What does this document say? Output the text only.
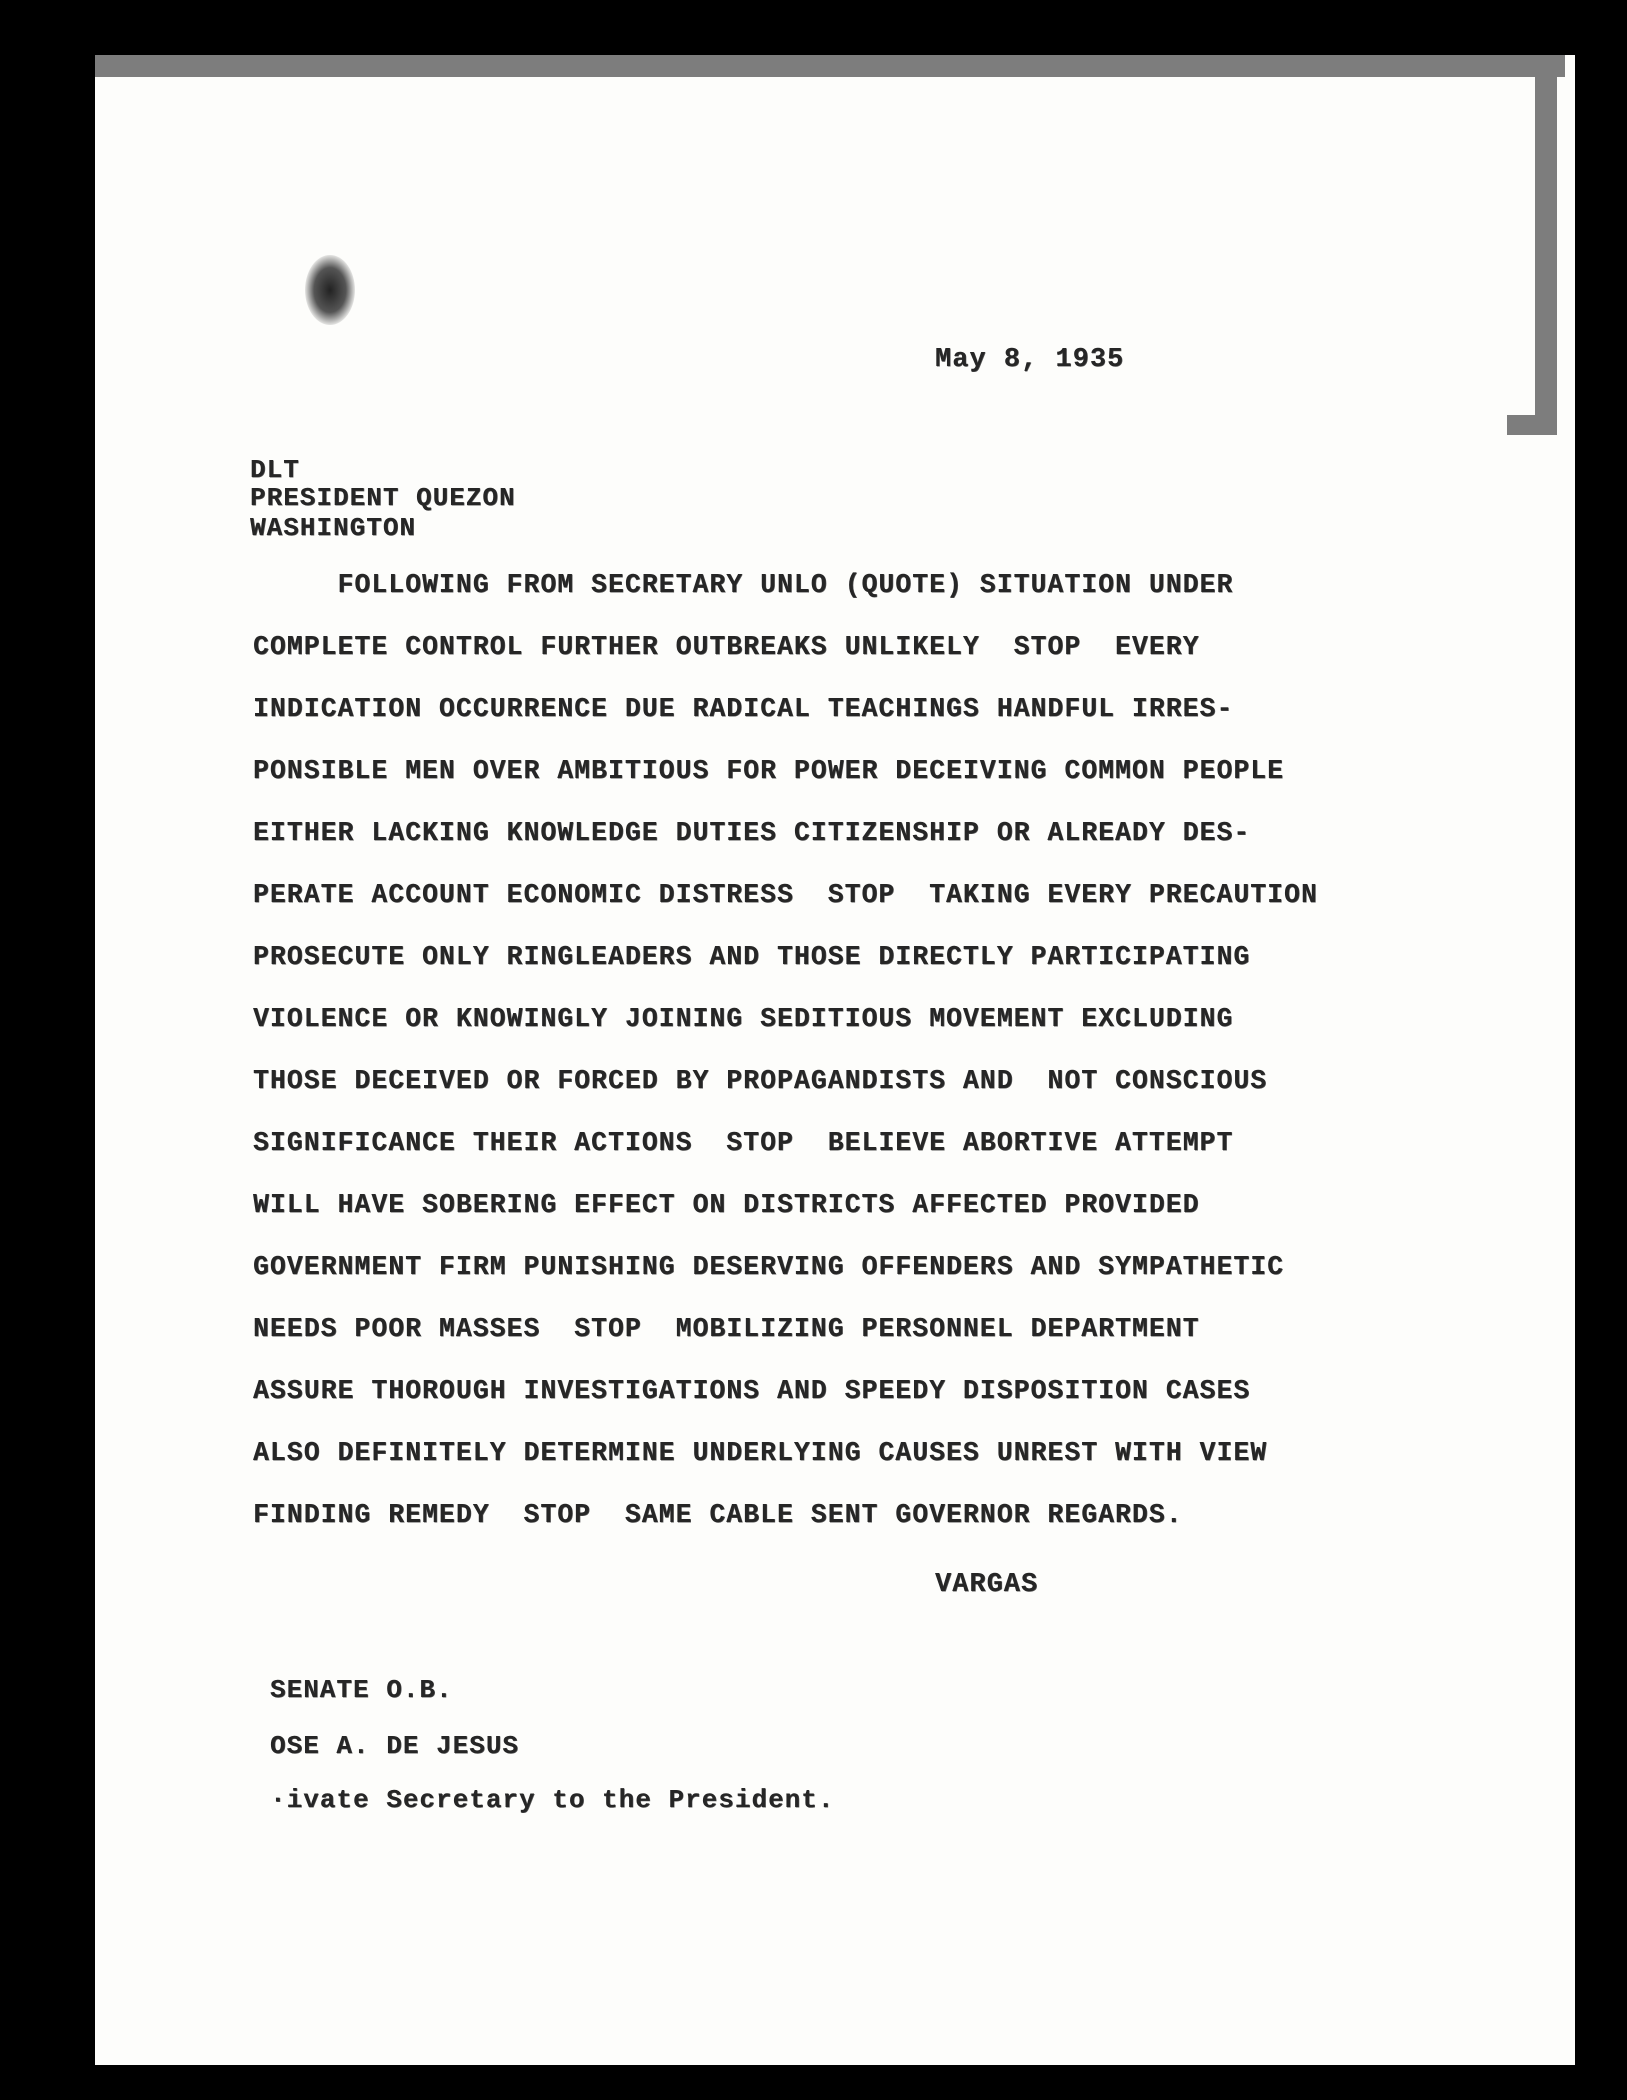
May 8, 1935

DLT

PRESIDENT QUEZON

WASHINGTON

FOLLOWING FROM SECRETARY UNLO (QUOTE) SITUATION UNDER

COMPLETE CONTROL FURTHER OUTBREAKS UNLIKELY  STOP  EVERY

INDICATION OCCURRENCE DUE RADICAL TEACHINGS HANDFUL IRRES-

PONSIBLE MEN OVER AMBITIOUS FOR POWER DECEIVING COMMON PEOPLE

EITHER LACKING KNOWLEDGE DUTIES CITIZENSHIP OR ALREADY DES-

PERATE ACCOUNT ECONOMIC DISTRESS  STOP  TAKING EVERY PRECAUTION

PROSECUTE ONLY RINGLEADERS AND THOSE DIRECTLY PARTICIPATING

VIOLENCE OR KNOWINGLY JOINING SEDITIOUS MOVEMENT EXCLUDING

THOSE DECEIVED OR FORCED BY PROPAGANDISTS AND  NOT CONSCIOUS

SIGNIFICANCE THEIR ACTIONS  STOP  BELIEVE ABORTIVE ATTEMPT

WILL HAVE SOBERING EFFECT ON DISTRICTS AFFECTED PROVIDED

GOVERNMENT FIRM PUNISHING DESERVING OFFENDERS AND SYMPATHETIC

NEEDS POOR MASSES  STOP  MOBILIZING PERSONNEL DEPARTMENT

ASSURE THOROUGH INVESTIGATIONS AND SPEEDY DISPOSITION CASES

ALSO DEFINITELY DETERMINE UNDERLYING CAUSES UNREST WITH VIEW

FINDING REMEDY  STOP  SAME CABLE SENT GOVERNOR REGARDS.

VARGAS

SENATE O.B.

OSE A. DE JESUS

·ivate Secretary to the President.
